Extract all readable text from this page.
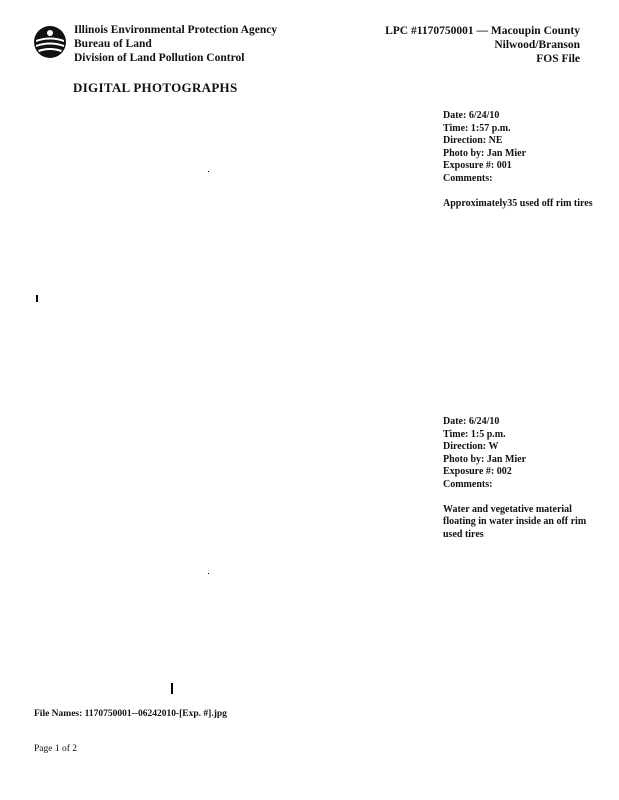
Illinois Environmental Protection Agency
Bureau of Land
Division of Land Pollution Control
LPC #1170750001 — Macoupin County
Nilwood/Branson
FOS File
DIGITAL PHOTOGRAPHS
Date: 6/24/10
Time: 1:57 p.m.
Direction: NE
Photo by: Jan Mier
Exposure #: 001
Comments:
Approximately35 used off rim tires
Date: 6/24/10
Time: 1:5 p.m.
Direction: W
Photo by: Jan Mier
Exposure #: 002
Comments:
Water and vegetative material floating in water inside an off rim used tires
File Names: 1170750001--06242010-[Exp. #].jpg
Page 1 of 2
